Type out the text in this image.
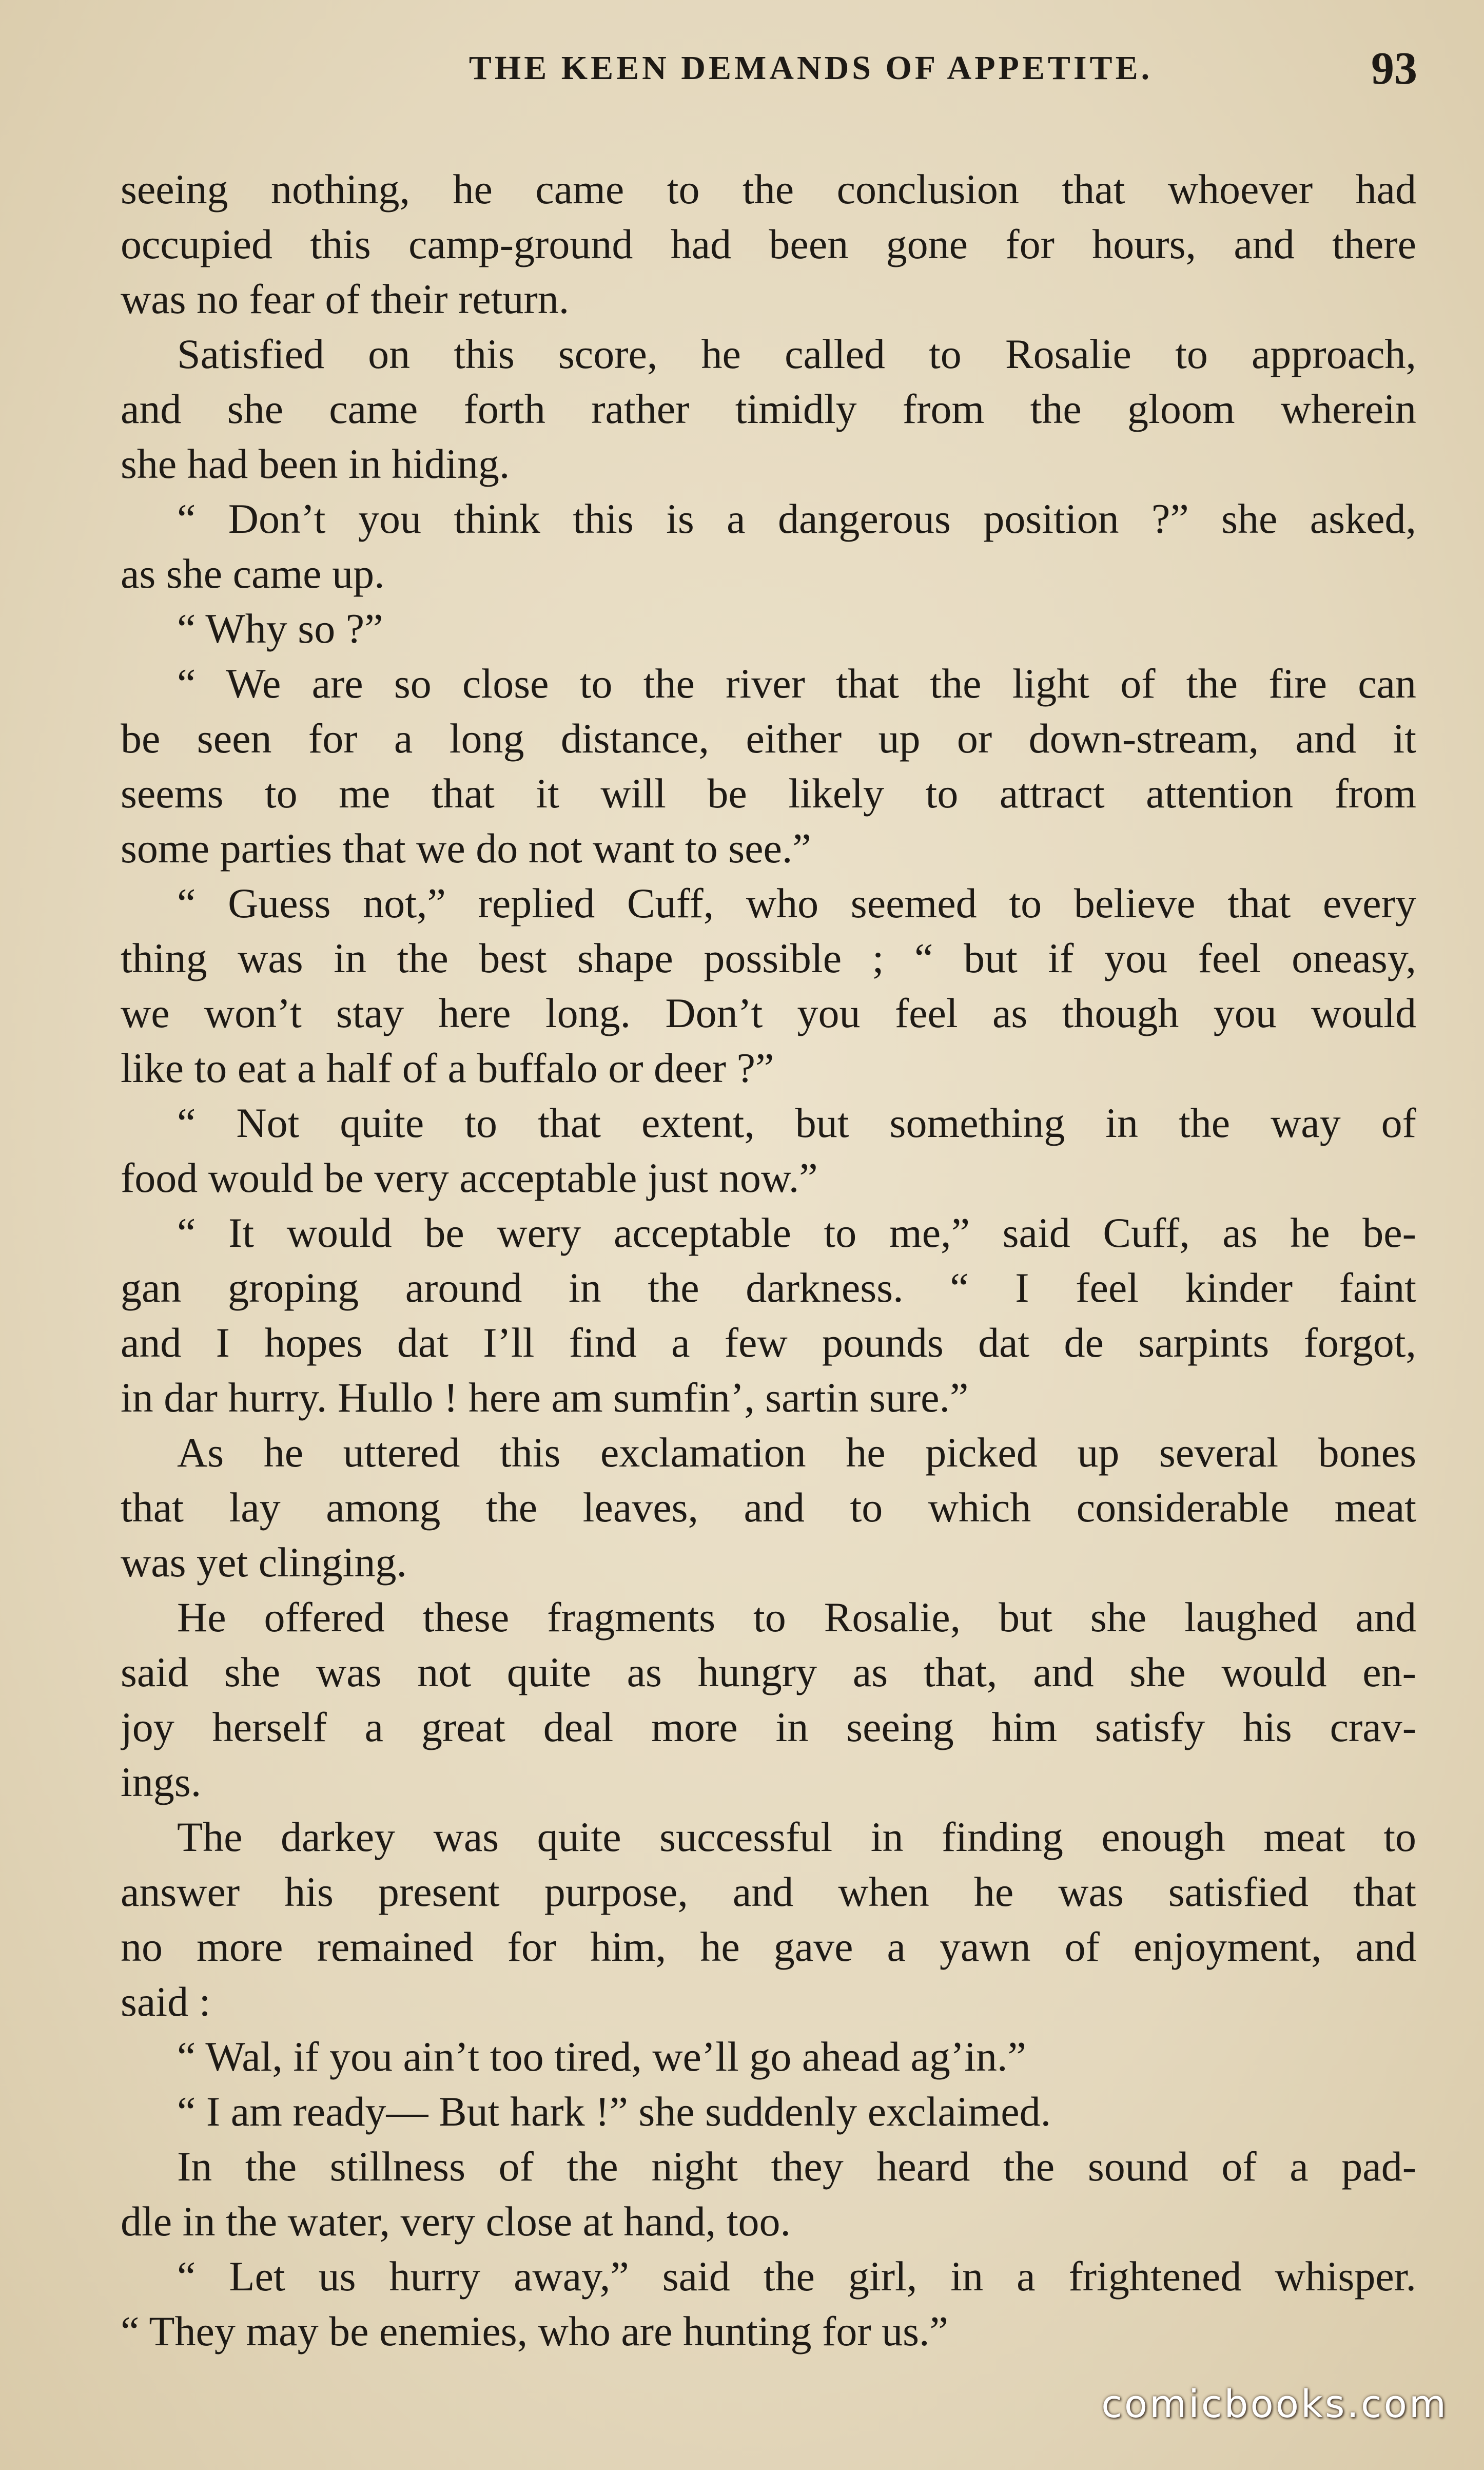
THE KEEN DEMANDS OF APPETITE.	93
seeing nothing, he came to the conclusion that whoever had
occupied this camp-ground had been gone for hours, and there
was no fear of their return.
Satisfied on this score, he called to Rosalie to approach,
and she came forth rather timidly from the gloom wherein
she had been in hiding.
“ Don’t you think this is a dangerous position ?” she asked,
as she came up.
“ Why so ?”
“ We are so close to the river that the light of the fire can
be seen for a long distance, either up or down-stream, and it
seems to me that it will be likely to attract attention from
some parties that we do not want to see.”
“ Guess not,” replied Cuff, who seemed to believe that every
thing was in the best shape possible ; “ but if you feel oneasy,
we won’t stay here long. Don’t you feel as though you would
like to eat a half of a buffalo or deer ?”
“ Not quite to that extent, but something in the way of
food would be very acceptable just now.”
“ It would be wery acceptable to me,” said Cuff, as he be-
gan groping around in the darkness. “ I feel kinder faint
and I hopes dat I’ll find a few pounds dat de sarpints forgot,
in dar hurry. Hullo ! here am sumfin’, sartin sure.”
As he uttered this exclamation he picked up several bones
that lay among the leaves, and to which considerable meat
was yet clinging.
He offered these fragments to Rosalie, but she laughed and
said she was not quite as hungry as that, and she would en-
joy herself a great deal more in seeing him satisfy his crav-
ings.
The darkey was quite successful in finding enough meat to
answer his present purpose, and when he was satisfied that
no more remained for him, he gave a yawn of enjoyment, and
said :
“ Wal, if you ain’t too tired, we’ll go ahead ag’in.”
“ I am ready— But hark !” she suddenly exclaimed.
In the stillness of the night they heard the sound of a pad-
dle in the water, very close at hand, too.
“ Let us hurry away,” said the girl, in a frightened whisper.
“ They may be enemies, who are hunting for us.”
comicbooks.com
